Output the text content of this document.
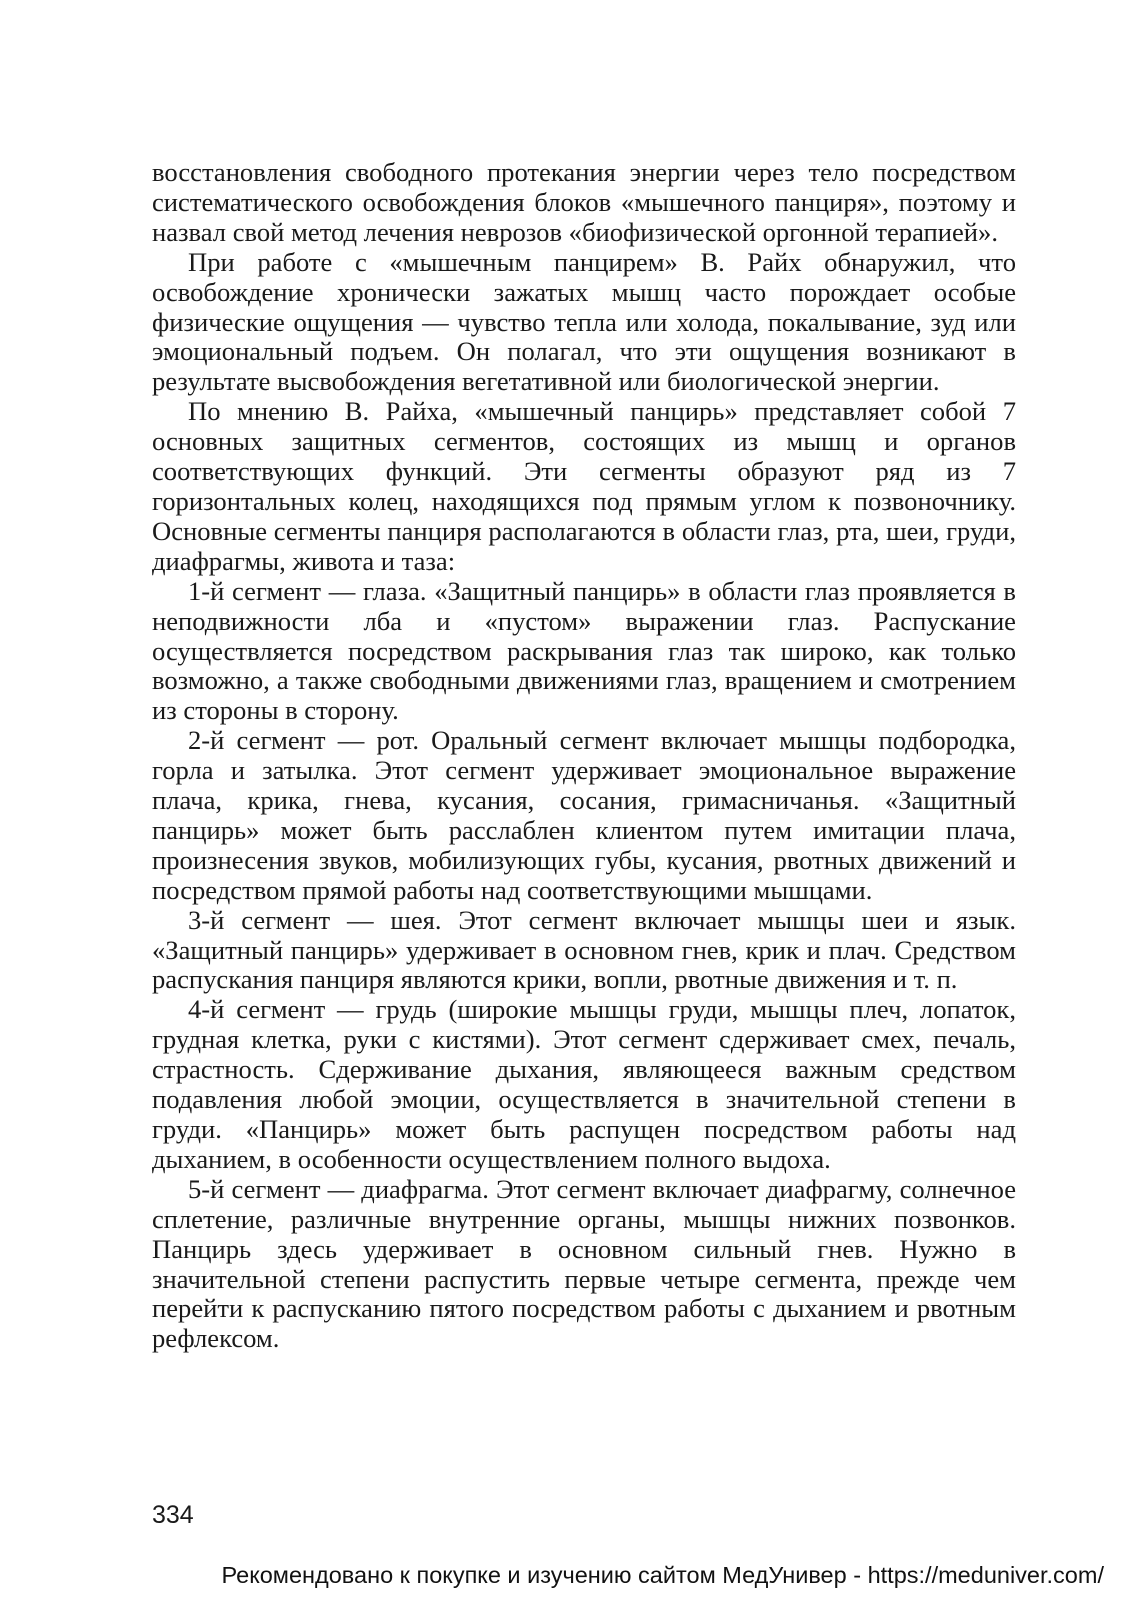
восстановления свободного протекания энергии через тело посредством систематического освобождения блоков «мышечного панциря», поэтому и назвал свой метод лечения неврозов «биофизической оргонной терапией».

При работе с «мышечным панцирем» В. Райх обнаружил, что освобождение хронически зажатых мышц часто порождает особые физические ощущения — чувство тепла или холода, покалывание, зуд или эмоциональный подъем. Он полагал, что эти ощущения возникают в результате высвобождения вегетативной или биологической энергии.

По мнению В. Райха, «мышечный панцирь» представляет собой 7 основных защитных сегментов, состоящих из мышц и органов соответствующих функций. Эти сегменты образуют ряд из 7 горизонтальных колец, находящихся под прямым углом к позвоночнику. Основные сегменты панциря располагаются в области глаз, рта, шеи, груди, диафрагмы, живота и таза:

1-й сегмент — глаза. «Защитный панцирь» в области глаз проявляется в неподвижности лба и «пустом» выражении глаз. Распускание осуществляется посредством раскрывания глаз так широко, как только возможно, а также свободными движениями глаз, вращением и смотрением из стороны в сторону.

2-й сегмент — рот. Оральный сегмент включает мышцы подбородка, горла и затылка. Этот сегмент удерживает эмоциональное выражение плача, крика, гнева, кусания, сосания, гримасничанья. «Защитный панцирь» может быть расслаблен клиентом путем имитации плача, произнесения звуков, мобилизующих губы, кусания, рвотных движений и посредством прямой работы над соответствующими мышцами.

3-й сегмент — шея. Этот сегмент включает мышцы шеи и язык. «Защитный панцирь» удерживает в основном гнев, крик и плач. Средством распускания панциря являются крики, вопли, рвотные движения и т. п.

4-й сегмент — грудь (широкие мышцы груди, мышцы плеч, лопаток, грудная клетка, руки с кистями). Этот сегмент сдерживает смех, печаль, страстность. Сдерживание дыхания, являющееся важным средством подавления любой эмоции, осуществляется в значительной степени в груди. «Панцирь» может быть распущен посредством работы над дыханием, в особенности осуществлением полного выдоха.

5-й сегмент — диафрагма. Этот сегмент включает диафрагму, солнечное сплетение, различные внутренние органы, мышцы нижних позвонков. Панцирь здесь удерживает в основном сильный гнев. Нужно в значительной степени распустить первые четыре сегмента, прежде чем перейти к распусканию пятого посредством работы с дыханием и рвотным рефлексом.

334
Рекомендовано к покупке и изучению сайтом МедУнивер - https://meduniver.com/
